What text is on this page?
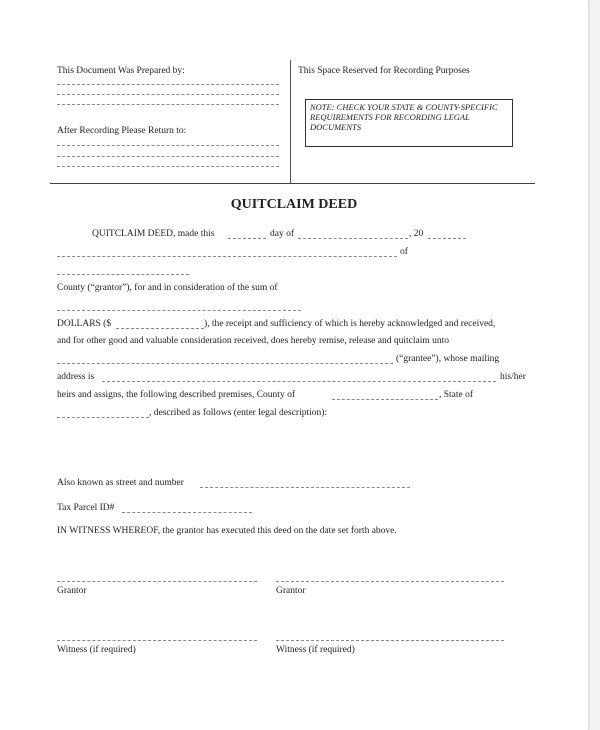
This Document Was Prepared by:
After Recording Please Return to:
This Space Reserved for Recording Purposes
NOTE: CHECK YOUR STATE & COUNTY-SPECIFIC REQUIREMENTS FOR RECORDING LEGAL DOCUMENTS
QUITCLAIM DEED
QUITCLAIM DEED, made this	day of	, 20
of
County (“grantor”), for and in consideration of the sum of
DOLLARS ($	), the receipt and sufficiency of which is hereby acknowledged and received,
and for other good and valuable consideration received, does hereby remise, release and quitclaim unto
(“grantee”), whose mailing
address is	his/her
heirs and assigns, the following described premises, County of	, State of
, described as follows (enter legal description):
Also known as street and number
Tax Parcel ID#
IN WITNESS WHEREOF, the grantor has executed this deed on the date set forth above.
Grantor	Grantor
Witness (if required)	Witness (if required)
